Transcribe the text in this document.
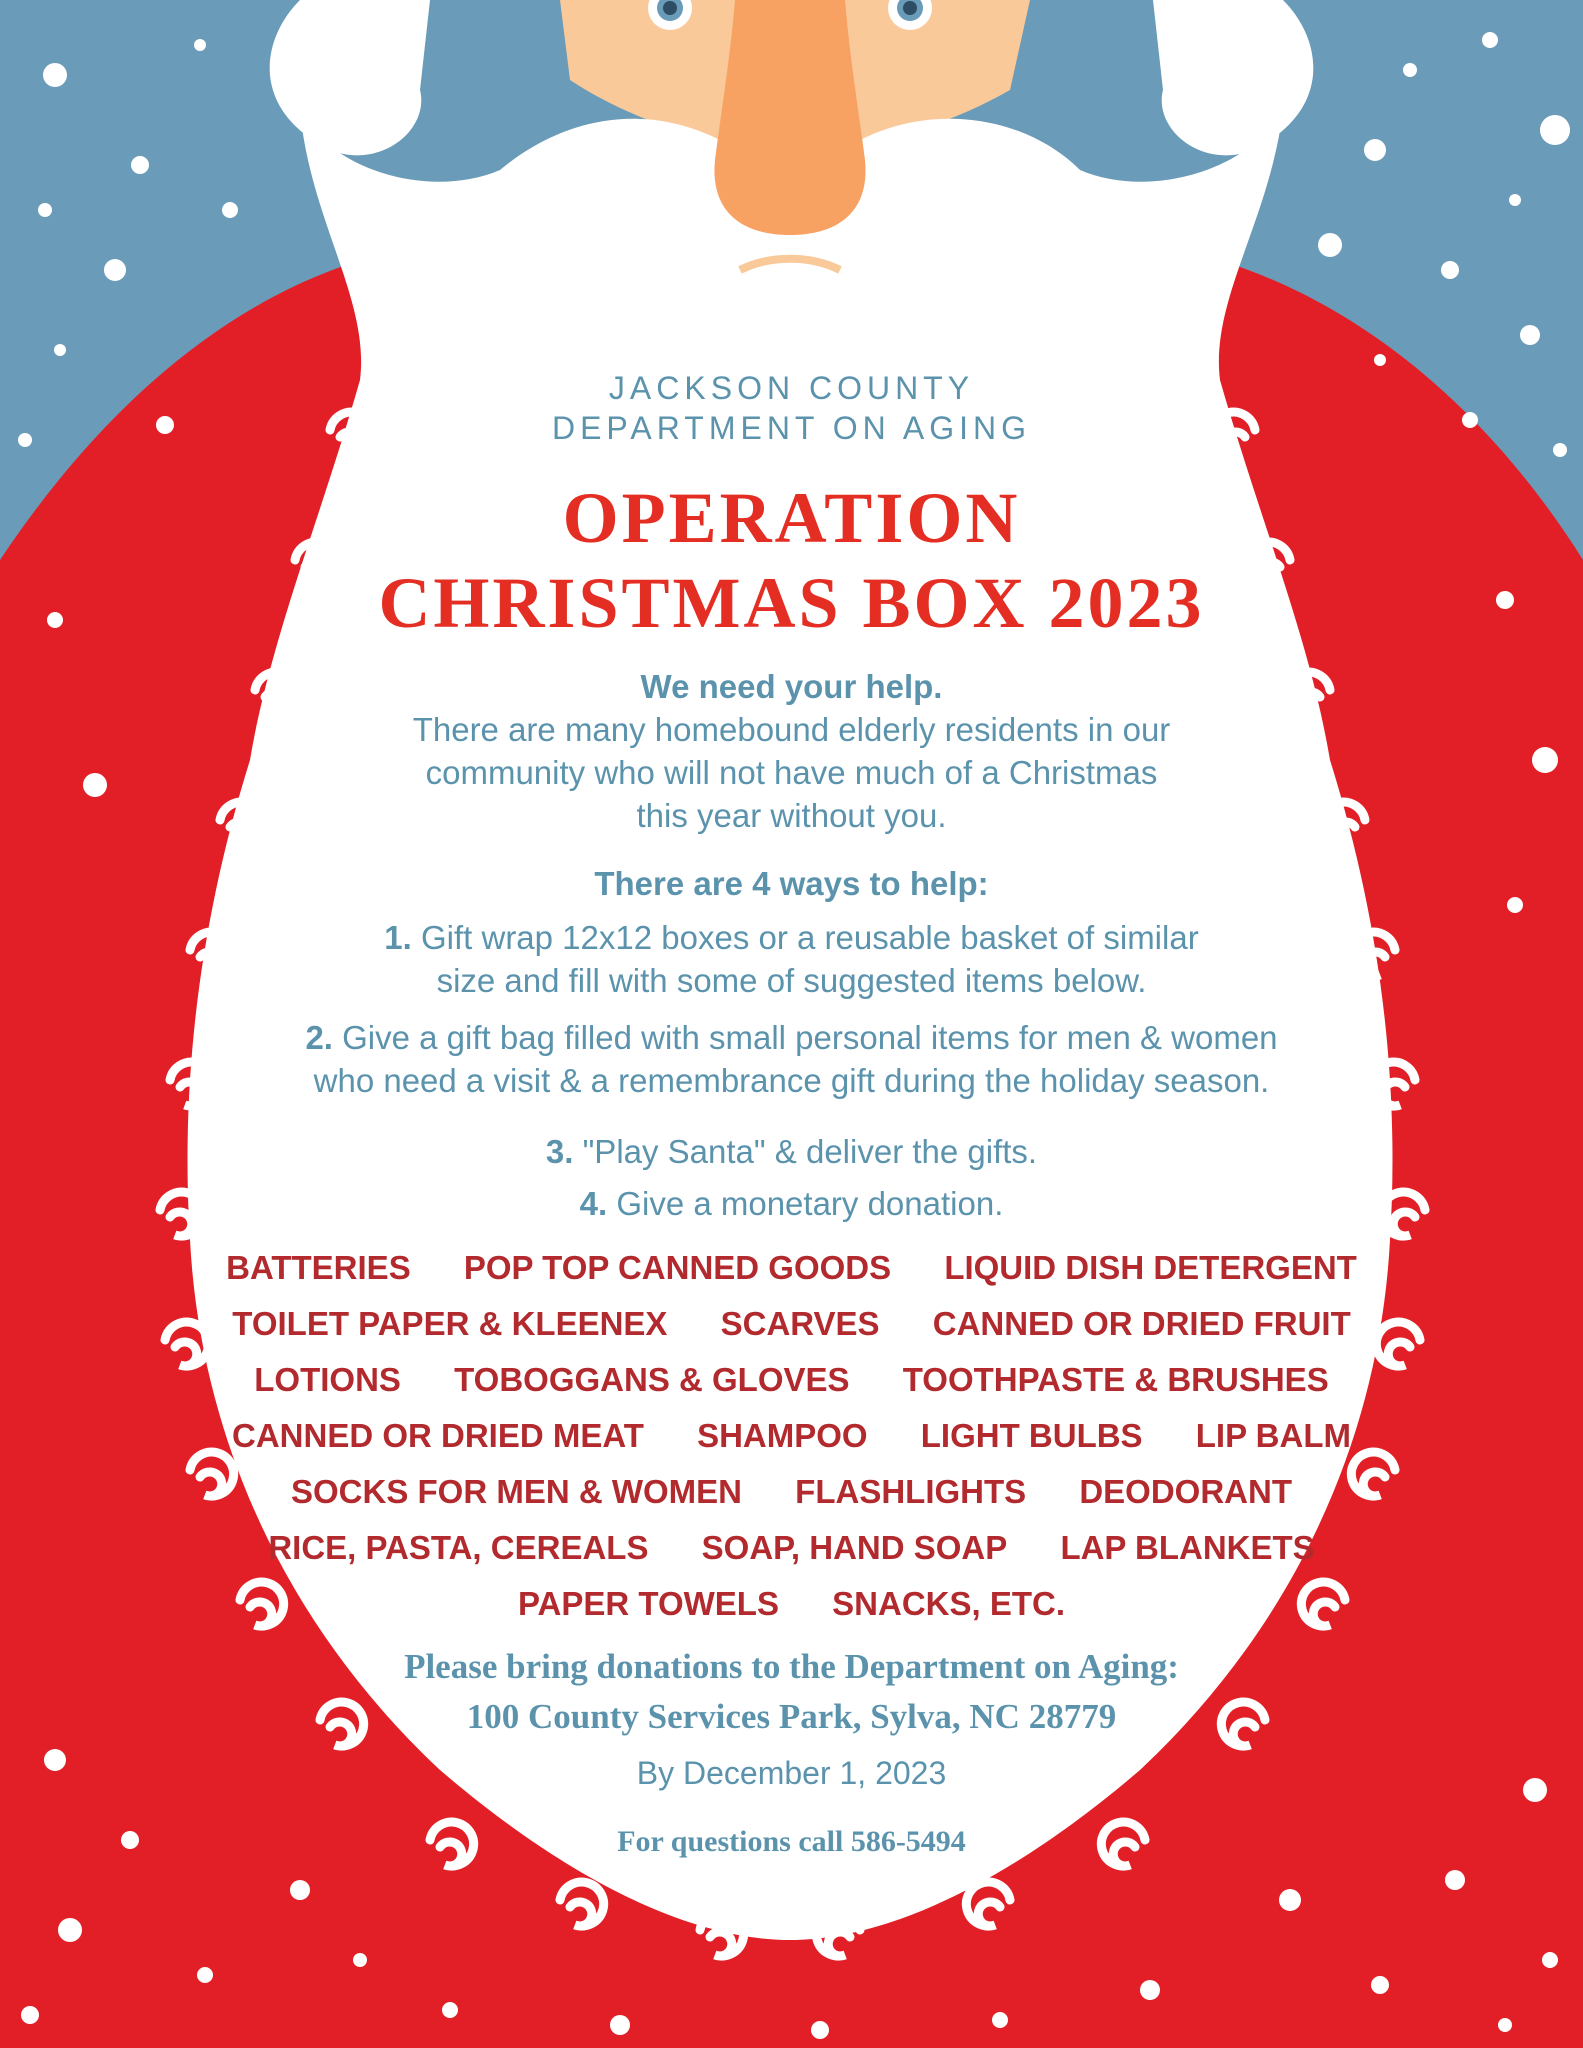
JACKSON COUNTY
DEPARTMENT ON AGING
OPERATION
CHRISTMAS BOX 2023
We need your help.
There are many homebound elderly residents in our
community who will not have much of a Christmas
this year without you.
There are 4 ways to help:
1. Gift wrap 12x12 boxes or a reusable basket of similar
size and fill with some of suggested items below.
2. Give a gift bag filled with small personal items for men & women
who need a visit & a remembrance gift during the holiday season.
3. "Play Santa" & deliver the gifts.
4. Give a monetary donation.
BATTERIES POP TOP CANNED GOODS LIQUID DISH DETERGENT
TOILET PAPER & KLEENEX SCARVES CANNED OR DRIED FRUIT
LOTIONS TOBOGGANS & GLOVES TOOTHPASTE & BRUSHES
CANNED OR DRIED MEAT SHAMPOO LIGHT BULBS LIP BALM
SOCKS FOR MEN & WOMEN FLASHLIGHTS DEODORANT
RICE, PASTA, CEREALS SOAP, HAND SOAP LAP BLANKETS
PAPER TOWELS SNACKS, ETC.
Please bring donations to the Department on Aging:
100 County Services Park, Sylva, NC 28779
By December 1, 2023
For questions call 586-5494
